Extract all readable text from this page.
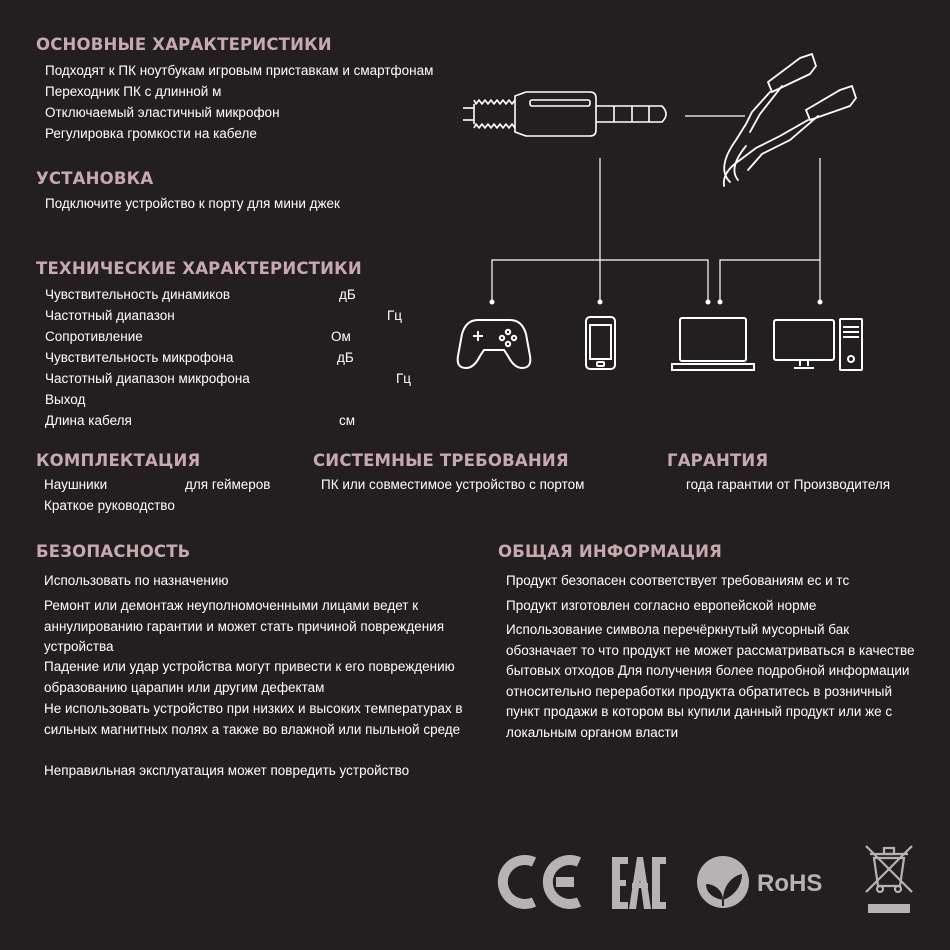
ОСНОВНЫЕ ХАРАКТЕРИСТИКИ
Подходят к ПК ноутбукам игровым приставкам и смартфонам
Переходник ПК с длинной м
Отключаемый эластичный микрофон
Регулировка громкости на кабеле
УСТАНОВКА
Подключите устройство к порту для мини джек
ТЕХНИЧЕСКИЕ ХАРАКТЕРИСТИКИ
Чувствительность динамиков	дБ
Частотный диапазон	Гц
Сопротивление	Ом
Чувствительность микрофона	дБ
Частотный диапазон микрофона	Гц
Выход
Длина кабеля	см
КОМПЛЕКТАЦИЯ
Наушники	для геймеров
Краткое руководство
СИСТЕМНЫЕ ТРЕБОВАНИЯ
ПК или совместимое устройство с портом
ГАРАНТИЯ
года гарантии от Производителя
БЕЗОПАСНОСТЬ

Использовать по назначению

Ремонт или демонтаж неуполномоченными лицами ведет к аннулированию гарантии и может стать причиной повреждения устройства

Падение или удар устройства могут привести к его повреждению образованию царапин или другим дефектам

Не использовать устройство при низких и высоких температурах в сильных магнитных полях а также во влажной или пыльной среде

Неправильная эксплуатация может повредить устройство

ОБЩАЯ ИНФОРМАЦИЯ

Продукт безопасен соответствует требованиям ес и тс

Продукт изготовлен согласно европейской норме

Использование символа перечёркнутый мусорный бак обозначает то что продукт не может рассматриваться в качестве бытовых отходов Для получения более подробной информации относительно переработки продукта обратитесь в розничный пункт продажи в котором вы купили данный продукт или же с локальным органом власти

RoHS
